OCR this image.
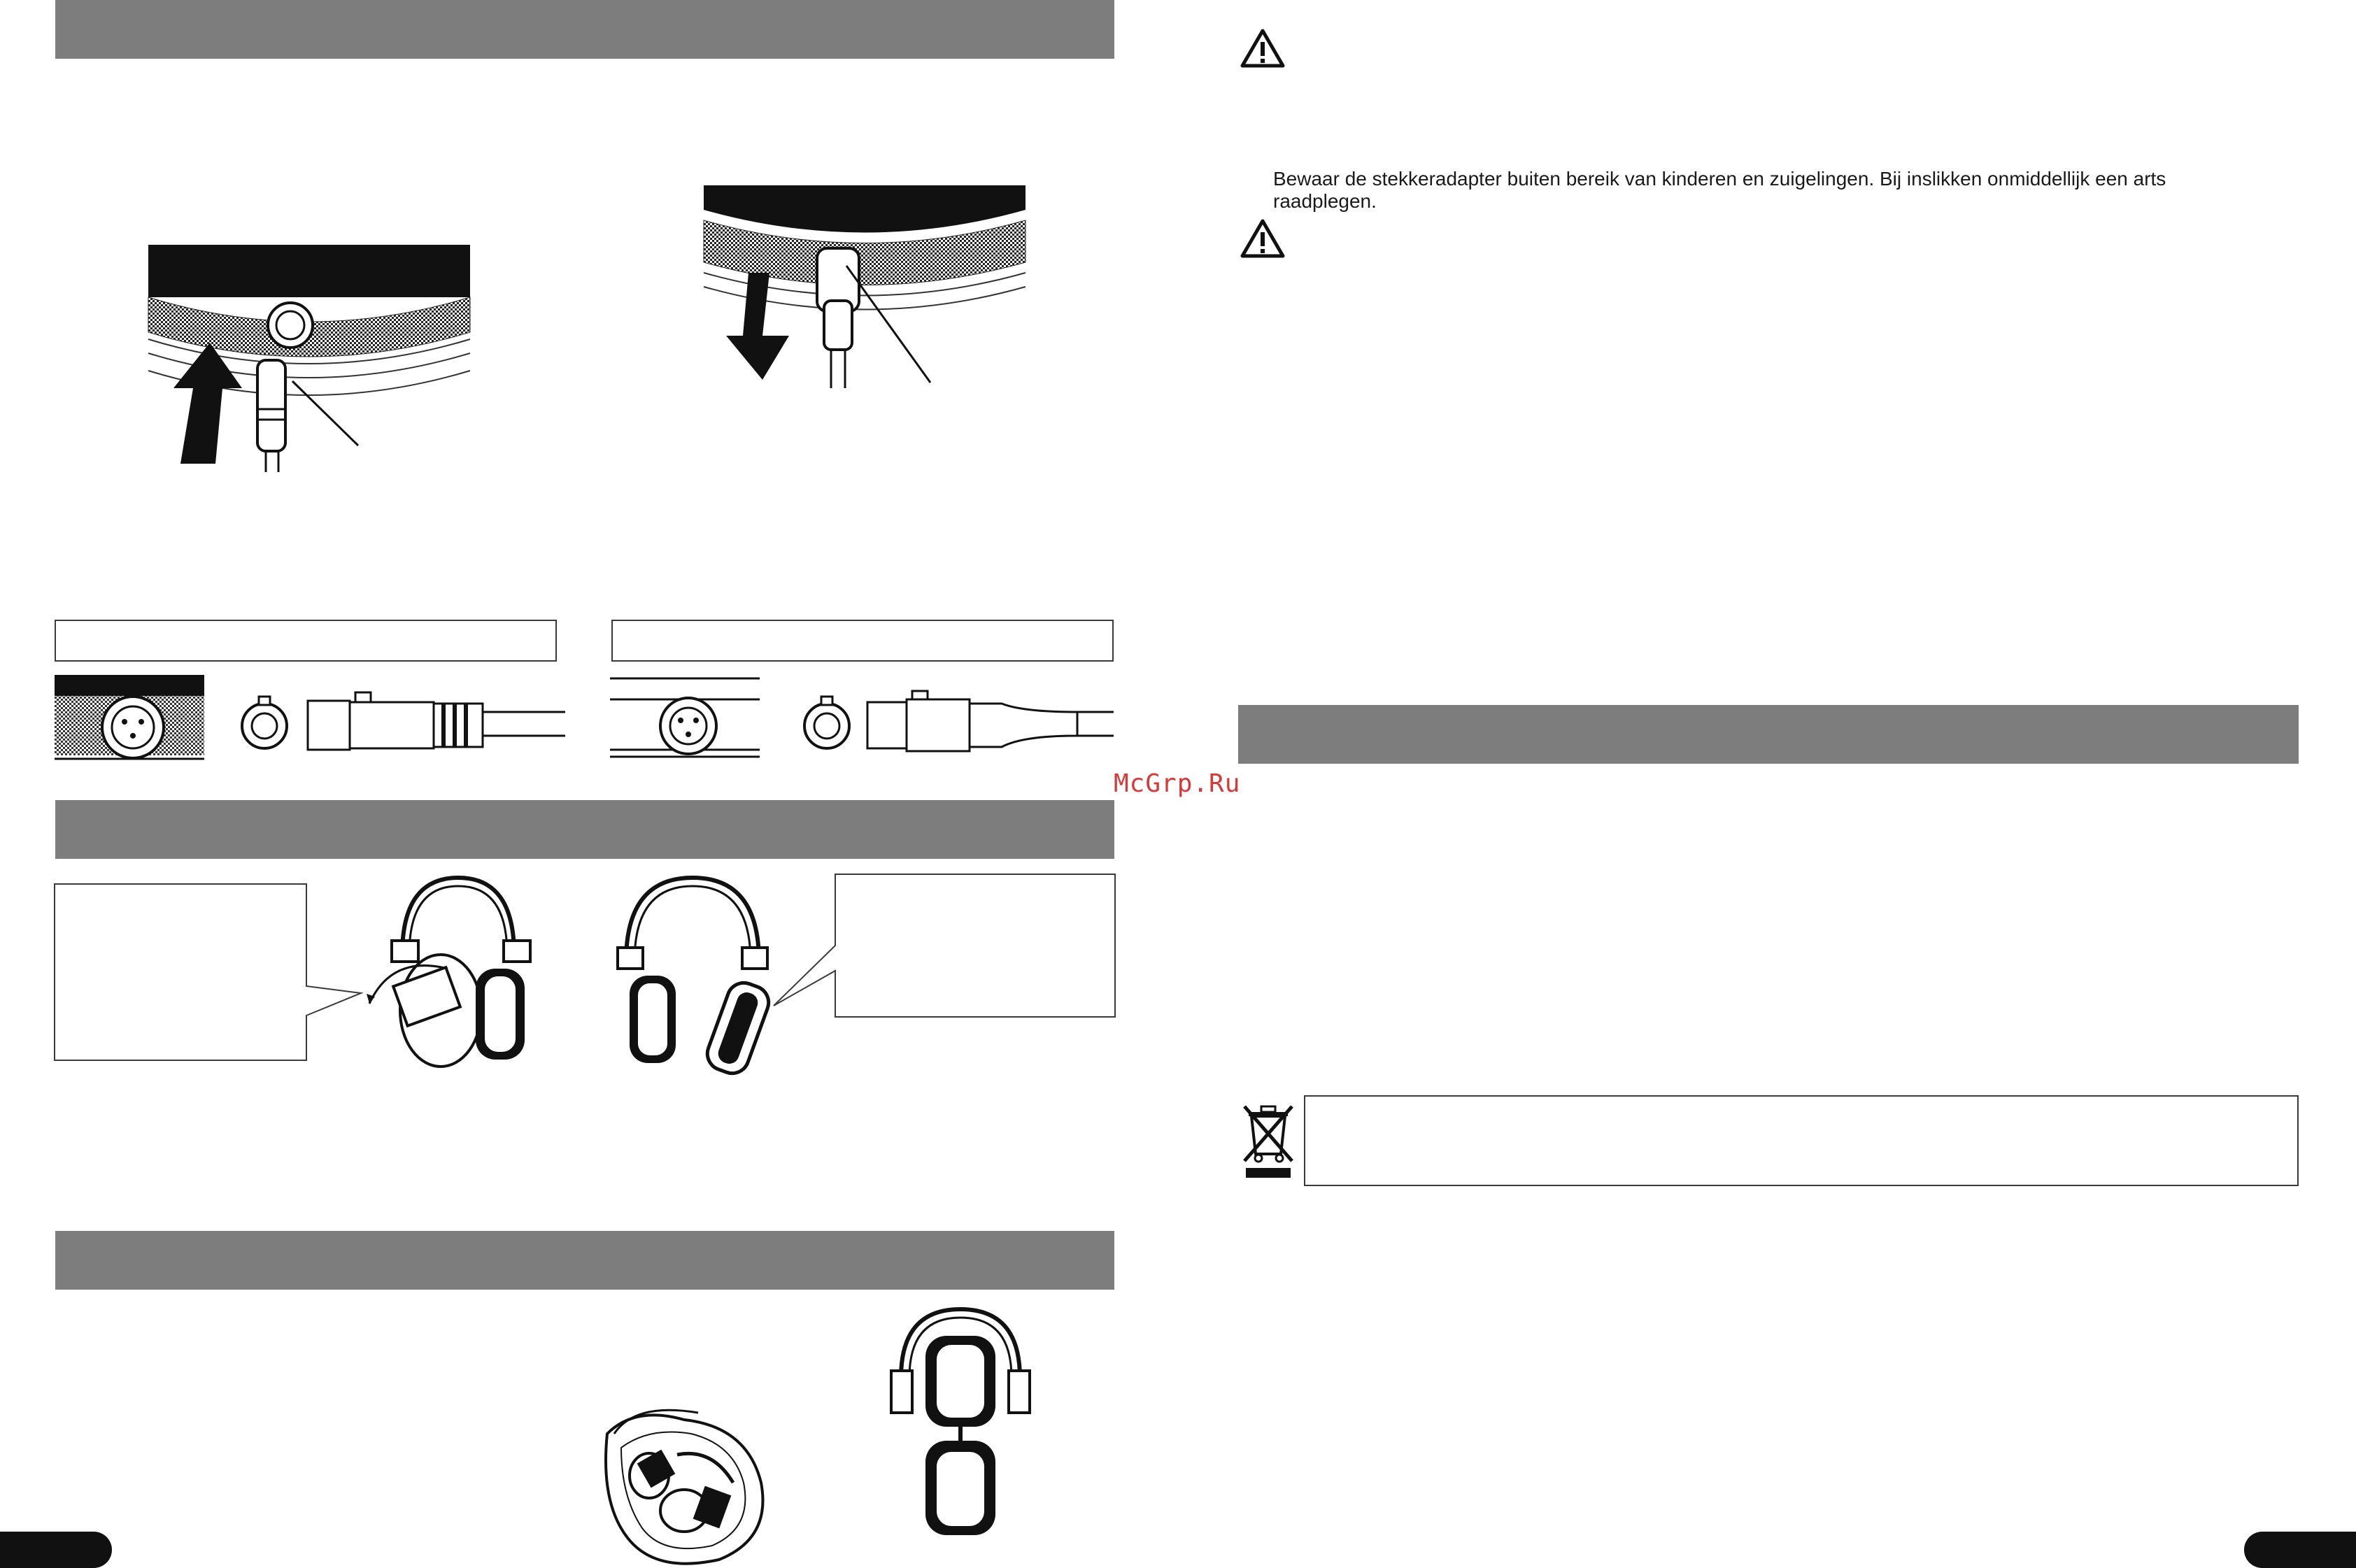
McGrp.Ru
Bewaar de stekkeradapter buiten bereik van kinderen en zuigelingen. Bij inslikken onmiddellijk een arts
raadplegen.
